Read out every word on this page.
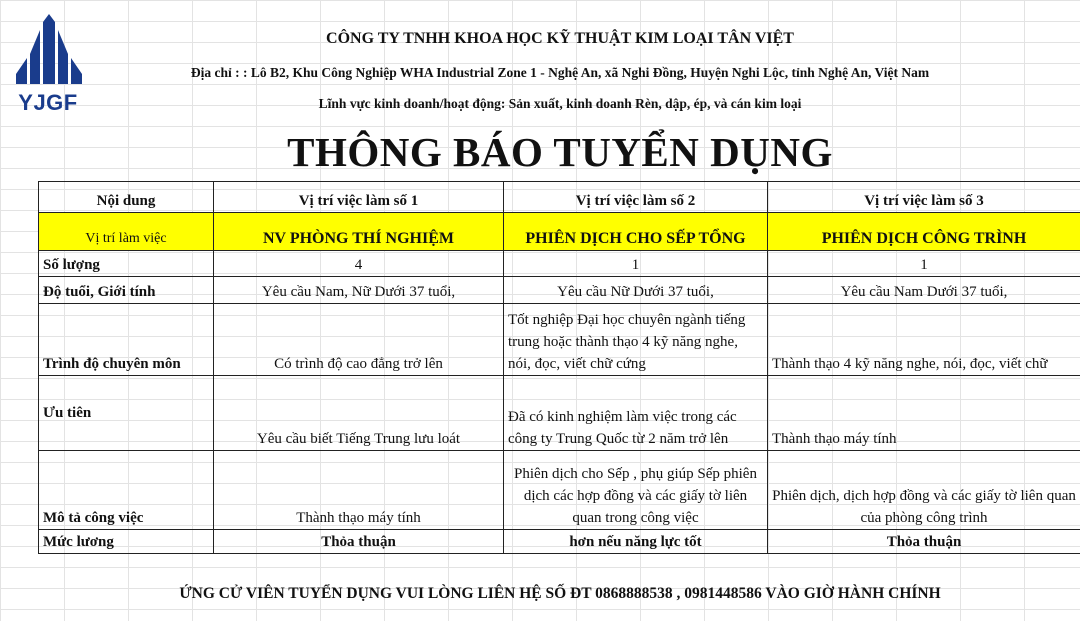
YJGF
CÔNG TY TNHH KHOA HỌC KỸ THUẬT KIM LOẠI TÂN VIỆT
Địa chỉ : : Lô B2, Khu Công Nghiệp WHA Industrial Zone 1 - Nghệ An, xã Nghi Đồng, Huyện Nghi Lộc, tỉnh Nghệ An, Việt Nam
Lĩnh vực kinh doanh/hoạt động: Sản xuất, kinh doanh Rèn, dập, ép, và cán kim loại
THÔNG BÁO TUYỂN DỤNG
Nội dung	Vị trí việc làm số 1	Vị trí việc làm số 2	Vị trí việc làm số 3
Vị trí làm việc	NV PHÒNG THÍ NGHIỆM	PHIÊN DỊCH CHO SẾP TỔNG	PHIÊN DỊCH CÔNG TRÌNH
Số lượng	4	1	1
Độ tuổi, Giới tính	Yêu cầu Nam, Nữ Dưới 37 tuổi,	Yêu cầu Nữ Dưới 37 tuổi,	Yêu cầu Nam Dưới 37 tuổi,
Trình độ chuyên môn	Có trình độ cao đẳng trở lên	Tốt nghiệp Đại học chuyên ngành tiếng trung hoặc thành thạo 4 kỹ năng nghe, nói, đọc, viết chữ cứng	Thành thạo 4 kỹ năng nghe, nói, đọc, viết chữ
Ưu tiên	Yêu cầu biết Tiếng Trung lưu loát	Đã có kinh nghiệm làm việc trong các công ty Trung Quốc từ 2 năm trở lên	Thành thạo máy tính
Mô tả công việc	Thành thạo máy tính	Phiên dịch cho Sếp , phụ giúp Sếp phiên dịch các hợp đồng và các giấy tờ liên quan trong công việc	Phiên dịch, dịch hợp đồng và các giấy tờ liên quan của phòng công trình
Mức lương	Thỏa thuận	hơn nếu năng lực tốt	Thỏa thuận
ỨNG CỬ VIÊN TUYỂN DỤNG VUI LÒNG LIÊN HỆ SỐ ĐT 0868888538 , 0981448586 VÀO GIỜ HÀNH CHÍNH
